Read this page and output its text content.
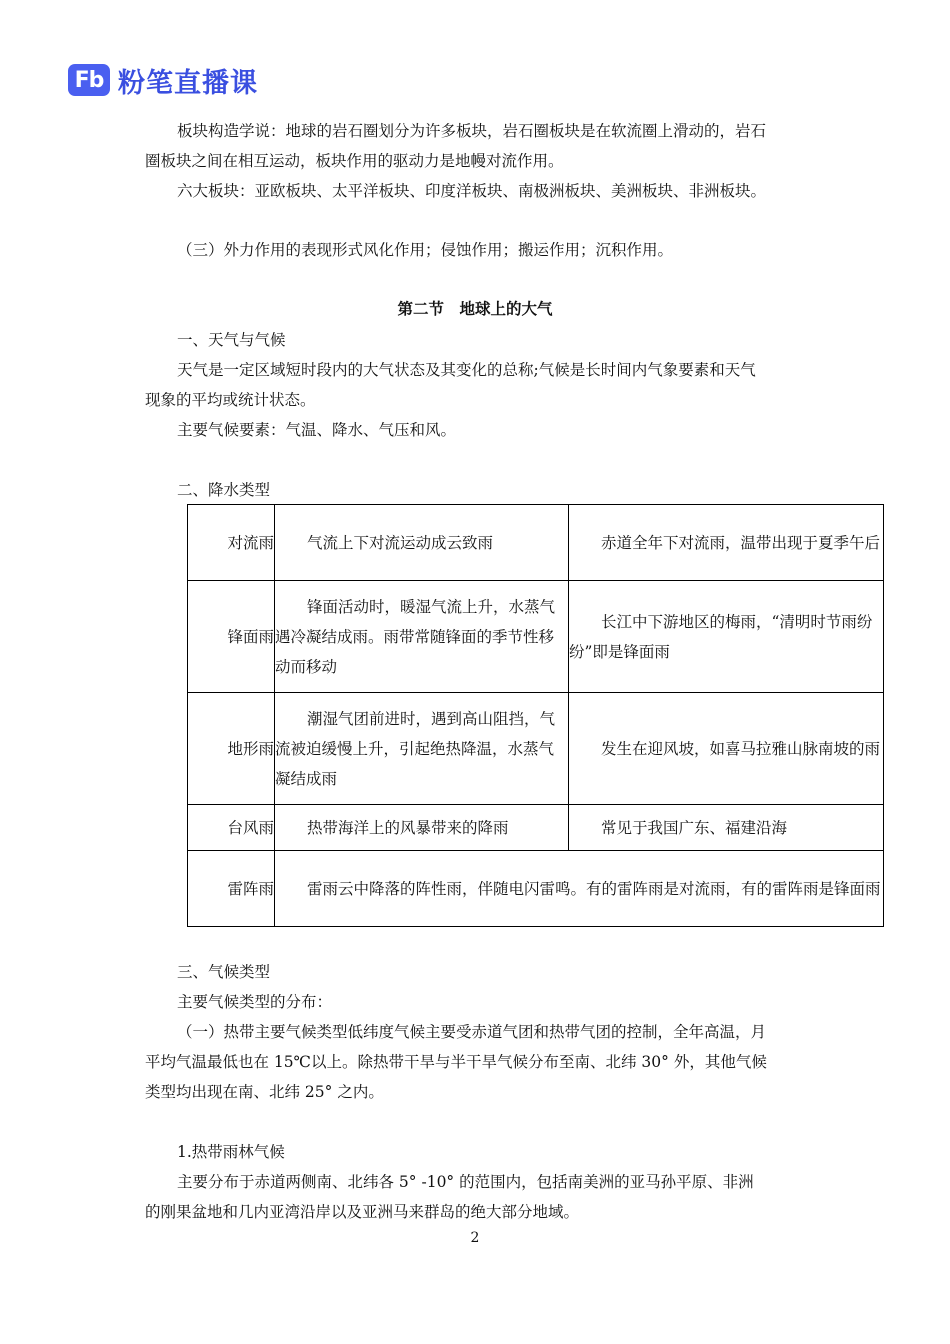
Fb 粉笔直播课
板块构造学说：地球的岩石圈划分为许多板块，岩石圈板块是在软流圈上滑动的，岩石
圈板块之间在相互运动，板块作用的驱动力是地幔对流作用。
六大板块：亚欧板块、太平洋板块、印度洋板块、南极洲板块、美洲板块、非洲板块。
（三）外力作用的表现形式风化作用；侵蚀作用；搬运作用；沉积作用。
第二节　地球上的大气
一、天气与气候
天气是一定区域短时段内的大气状态及其变化的总称;气候是长时间内气象要素和天气
现象的平均或统计状态。
主要气候要素：气温、降水、气压和风。
二、降水类型
对流雨	气流上下对流运动成云致雨	赤道全年下对流雨，温带出现于夏季午后
锋面雨	锋面活动时，暖湿气流上升，水蒸气遇冷凝结成雨。雨带常随锋面的季节性移动而移动	长江中下游地区的梅雨，“清明时节雨纷纷”即是锋面雨
地形雨	潮湿气团前进时，遇到高山阻挡，气流被迫缓慢上升，引起绝热降温，水蒸气凝结成雨	发生在迎风坡，如喜马拉雅山脉南坡的雨
台风雨	热带海洋上的风暴带来的降雨	常见于我国广东、福建沿海
雷阵雨	雷雨云中降落的阵性雨，伴随电闪雷鸣。有的雷阵雨是对流雨，有的雷阵雨是锋面雨	
三、气候类型
主要气候类型的分布：
（一）热带主要气候类型低纬度气候主要受赤道气团和热带气团的控制，全年高温，月
平均气温最低也在 15℃以上。除热带干旱与半干旱气候分布至南、北纬 30° 外，其他气候
类型均出现在南、北纬 25° 之内。
1.热带雨林气候
主要分布于赤道两侧南、北纬各 5° -10° 的范围内，包括南美洲的亚马孙平原、非洲
的刚果盆地和几内亚湾沿岸以及亚洲马来群岛的绝大部分地域。
2
